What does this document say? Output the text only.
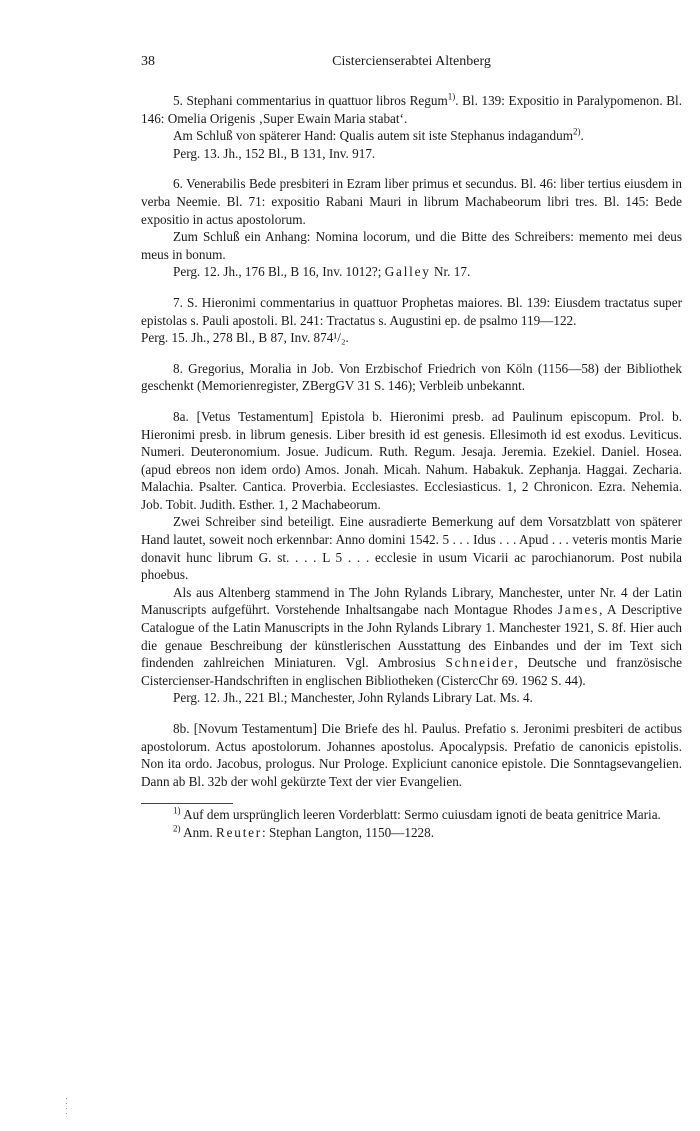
38	Cistercienserabtei Altenberg

5. Stephani commentarius in quattuor libros Regum$^{1)}$. Bl. 139: Expositio in Paralypomenon. Bl. 146: Omelia Origenis ‚Super Ewain Maria stabat‘.

Am Schluß von späterer Hand: Qualis autem sit iste Stephanus indagandum$^{2)}$.

Perg. 13. Jh., 152 Bl., B 131, Inv. 917.

6. Venerabilis Bede presbiteri in Ezram liber primus et secundus. Bl. 46: liber tertius eiusdem in verba Neemie. Bl. 71: expositio Rabani Mauri in librum Machabeorum libri tres. Bl. 145: Bede expositio in actus apostolorum.

Zum Schluß ein Anhang: Nomina locorum, und die Bitte des Schreibers: memento mei deus meus in bonum.

Perg. 12. Jh., 176 Bl., B 16, Inv. 1012?; Galley Nr. 17.

7. S. Hieronimi commentarius in quattuor Prophetas maiores. Bl. 139: Eiusdem tractatus super epistolas s. Pauli apostoli. Bl. 241: Tractatus s. Augustini ep. de psalmo 119—122.

Perg. 15. Jh., 278 Bl., B 87, Inv. 874¹/₂.

8. Gregorius, Moralia in Job. Von Erzbischof Friedrich von Köln (1156—58) der Bibliothek geschenkt (Memorienregister, ZBergGV 31 S. 146); Verbleib unbekannt.

8a. [Vetus Testamentum] Epistola b. Hieronimi presb. ad Paulinum episcopum. Prol. b. Hieronimi presb. in librum genesis. Liber bresith id est genesis. Ellesimoth id est exodus. Leviticus. Numeri. Deuteronomium. Josue. Judicum. Ruth. Regum. Jesaja. Jeremia. Ezekiel. Daniel. Hosea. (apud ebreos non idem ordo) Amos. Jonah. Micah. Nahum. Habakuk. Zephanja. Haggai. Zecharia. Malachia. Psalter. Cantica. Proverbia. Ecclesiastes. Ecclesiasticus. 1, 2 Chronicon. Ezra. Nehemia. Job. Tobit. Judith. Esther. 1, 2 Machabeorum.

Zwei Schreiber sind beteiligt. Eine ausradierte Bemerkung auf dem Vorsatzblatt von späterer Hand lautet, soweit noch erkennbar: Anno domini 1542. 5 . . . Idus . . . Apud . . . veteris montis Marie donavit hunc librum G. st. . . . L 5 . . . ecclesie in usum Vicarii ac parochianorum. Post nubila phoebus.

Als aus Altenberg stammend in The John Rylands Library, Manchester, unter Nr. 4 der Latin Manuscripts aufgeführt. Vorstehende Inhaltsangabe nach Montague Rhodes James, A Descriptive Catalogue of the Latin Manuscripts in the John Rylands Library 1. Manchester 1921, S. 8f. Hier auch die genaue Beschreibung der künstlerischen Ausstattung des Einbandes und der im Text sich findenden zahlreichen Miniaturen. Vgl. Ambrosius Schneider, Deutsche und französische Cistercienser-Handschriften in englischen Bibliotheken (CistercChr 69. 1962 S. 44).

Perg. 12. Jh., 221 Bl.; Manchester, John Rylands Library Lat. Ms. 4.

8b. [Novum Testamentum] Die Briefe des hl. Paulus. Prefatio s. Jeronimi presbiteri de actibus apostolorum. Actus apostolorum. Johannes apostolus. Apocalypsis. Prefatio de canonicis epistolis. Non ita ordo. Jacobus, prologus. Nur Prologe. Expliciunt canonice epistole. Die Sonntagsevangelien. Dann ab Bl. 32b der wohl gekürzte Text der vier Evangelien.

$^{1)}$ Auf dem ursprünglich leeren Vorderblatt: Sermo cuiusdam ignoti de beata genitrice Maria.

$^{2)}$ Anm. Reuter: Stephan Langton, 1150—1228.
